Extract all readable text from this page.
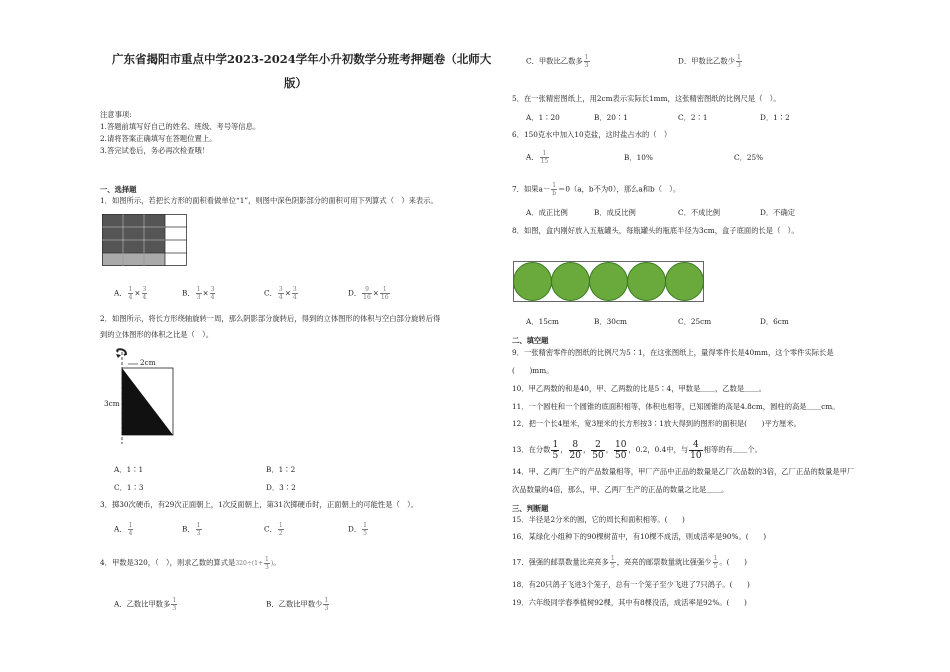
广东省揭阳市重点中学2023-2024学年小升初数学分班考押题卷（北师大
版）
注意事项:
1.答题前填写好自己的姓名、班级、考号等信息。
2.请将答案正确填写在答题位置上。
3.答完试卷后，务必再次检查哦！
一、选择题
1．如图所示，若把长方形的面积看做单位“1”，则图中深色阴影部分的面积可用下列算式（　）来表示。
A． $\frac{1}{4} \times \frac{3}{4}$	B． $\frac{1}{3} \times \frac{3}{4}$	C． $\frac{3}{4} \times \frac{3}{4}$	D． $\frac{9}{16} \times \frac{1}{16}$
2．如图所示，将长方形绕轴旋转一周，那么阴影部分旋转后，得到的立体图形的体积与空白部分旋转后得
到的立体图形的体积之比是（　）。
2cm
3cm
A．1∶1	B．1∶2
C．1∶3	D．3∶2
3．掷30次硬币，有29次正面朝上，1次反面朝上，第31次掷硬币时，正面朝上的可能性是（　）。
A． $\frac{1}{4}$	B． $\frac{1}{3}$	C． $\frac{1}{2}$	D． $\frac{1}{5}$
4．甲数是320，（　），则求乙数的算式是$320\div(1+ \frac{1}{3}$ )。
A．乙数比甲数多 $\frac{1}{3}$	B．乙数比甲数少 $\frac{1}{3}$
C．甲数比乙数多 $\frac{1}{3}$	D．甲数比乙数少 $\frac{1}{3}$
5．在一张精密图纸上，用2cm表示实际长1mm，这张精密图纸的比例尺是（　）。
A．1∶20	B．20∶1	C．2∶1	D．1∶2
6．150克水中加入10克盐，这时盐占水的（　）
A． $\frac{1}{15}$	B．10%	C．25%
7．如果$a- \frac{1}{b} =0(a$，b不为0），那么a和b（　）。
A．成正比例	B．成反比例	C．不成比例	D．不确定
8．如图，盒内刚好放入五瓶罐头，每瓶罐头的瓶底半径为3cm，盒子底面的长是（　）。
A．15cm	B．30cm	C．25cm	D．6cm
二、填空题
9．一张精密零件的图纸的比例尺为5∶1，在这张图纸上，量得零件长是40mm，这个零件实际长是
(　　)mm。
10．甲乙两数的和是40，甲、乙两数的比是5∶4，甲数是＿＿，乙数是＿＿。
11．一个圆柱和一个圆锥的底面积相等，体积也相等，已知圆锥的高是4.8cm，圆柱的高是＿＿cm。
12．把一个长4厘米，宽3厘米的长方形按3∶1放大得到的图形的面积是(　　)平方厘米。
13．在分数 $\frac{1}{5}$ ， $\frac{8}{20}$ ， $\frac{2}{50}$ ， $\frac{10}{50}$ ，0.2，0.4中，与 $\frac{4}{10}$ 相等的有＿＿个。
14．甲、乙两厂生产的产品数量相等，甲厂产品中正品的数量是乙厂次品数的3倍，乙厂正品的数量是甲厂
次品数量的4倍，那么，甲、乙两厂生产的正品的数量之比是＿＿。
三、判断题
15．半径是2分米的圆，它的周长和面积相等。(　　)
16．某绿化小组种下的90棵树苗中，有10棵不成活，则成活率是90%。(　　)
17．强强的邮票数量比亮亮多 $\frac{1}{5}$ ，亮亮的邮票数量就比强强少 $\frac{1}{5}$ 。(　　)
18．有20只鸽子飞进3个笼子，总有一个笼子至少飞进了7只鸽子。(　　)
19．六年级同学春季植树92棵，其中有8棵没活，成活率是92%。(　　)
